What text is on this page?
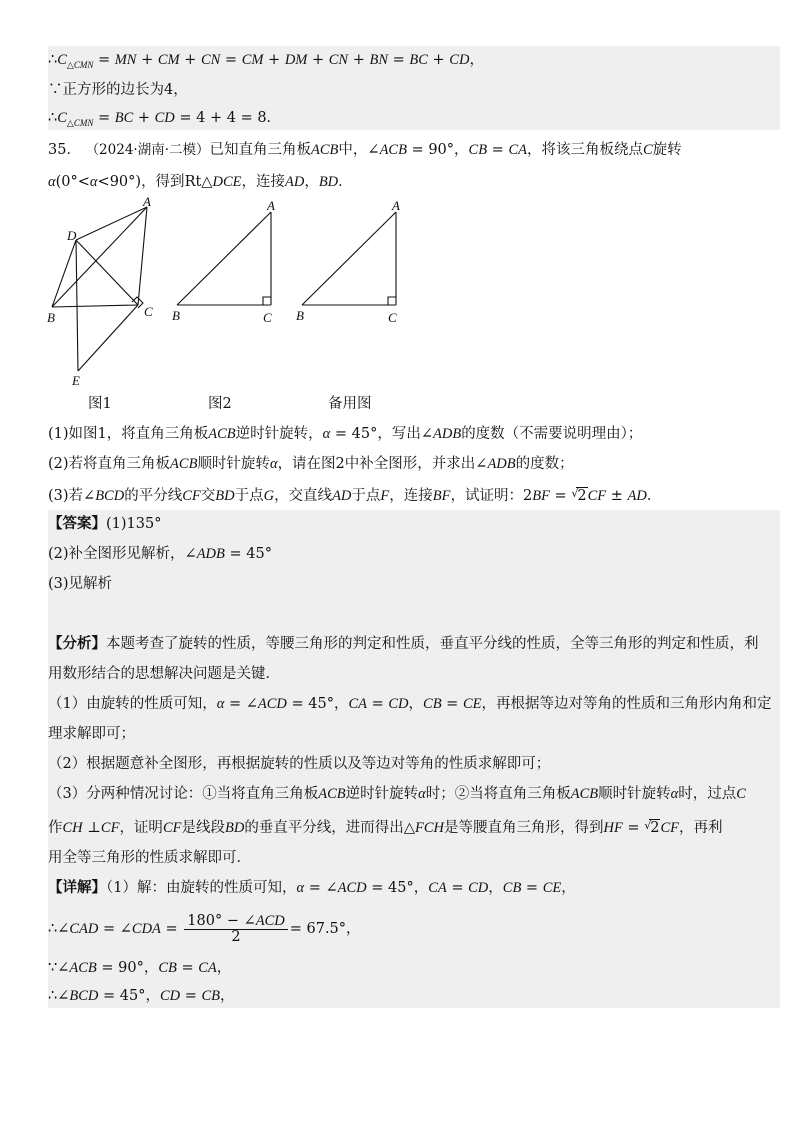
$\therefore C_{\triangle CMN}$ = MN + CM + CN = CM + DM + CN + BN = BC + CD，
∵正方形的边长为4，
$\therefore C_{\triangle CMN}$ = BC + CD = 4 + 4 = 8．
35． （2024·湖南·二模）已知直角三角板ACB中，∠ACB = 90°，CB = CA，将该三角板绕点C旋转
α(0°<α<90°)，得到Rt△DCE，连接AD，BD．
A
D
B	C
E
A
B	C
A
B	C
图1	图2	备用图
(1)如图1，将直角三角板ACB逆时针旋转，α = 45°，写出∠ADB的度数（不需要说明理由）；
(2)若将直角三角板ACB顺时针旋转α，请在图2中补全图形，并求出∠ADB的度数；
(3)若∠BCD的平分线CF交BD于点G，交直线AD于点F，连接BF，试证明：2BF = √2CF ± AD．
【答案】(1)135°
(2)补全图形见解析，∠ADB = 45°
(3)见解析
【分析】本题考查了旋转的性质，等腰三角形的判定和性质，垂直平分线的性质，全等三角形的判定和性质，利
用数形结合的思想解决问题是关键．
（1）由旋转的性质可知，α = ∠ACD = 45°，CA = CD，CB = CE，再根据等边对等角的性质和三角形内角和定
理求解即可；
（2）根据题意补全图形，再根据旋转的性质以及等边对等角的性质求解即可；
（3）分两种情况讨论：①当将直角三角板ACB逆时针旋转α时；②当将直角三角板ACB顺时针旋转α时，过点C
作CH ⊥CF，证明CF是线段BD的垂直平分线，进而得出△FCH是等腰直角三角形，得到HF = √2CF，再利
用全等三角形的性质求解即可．
【详解】（1）解：由旋转的性质可知，α = ∠ACD = 45°，CA = CD，CB = CE，
∴∠CAD = ∠CDA = $\frac{\text{180° − ∠ACD}}{2} = 67.5^\circ$，
∵∠ACB = 90°，CB = CA，
∴∠BCD = 45°，CD = CB，
